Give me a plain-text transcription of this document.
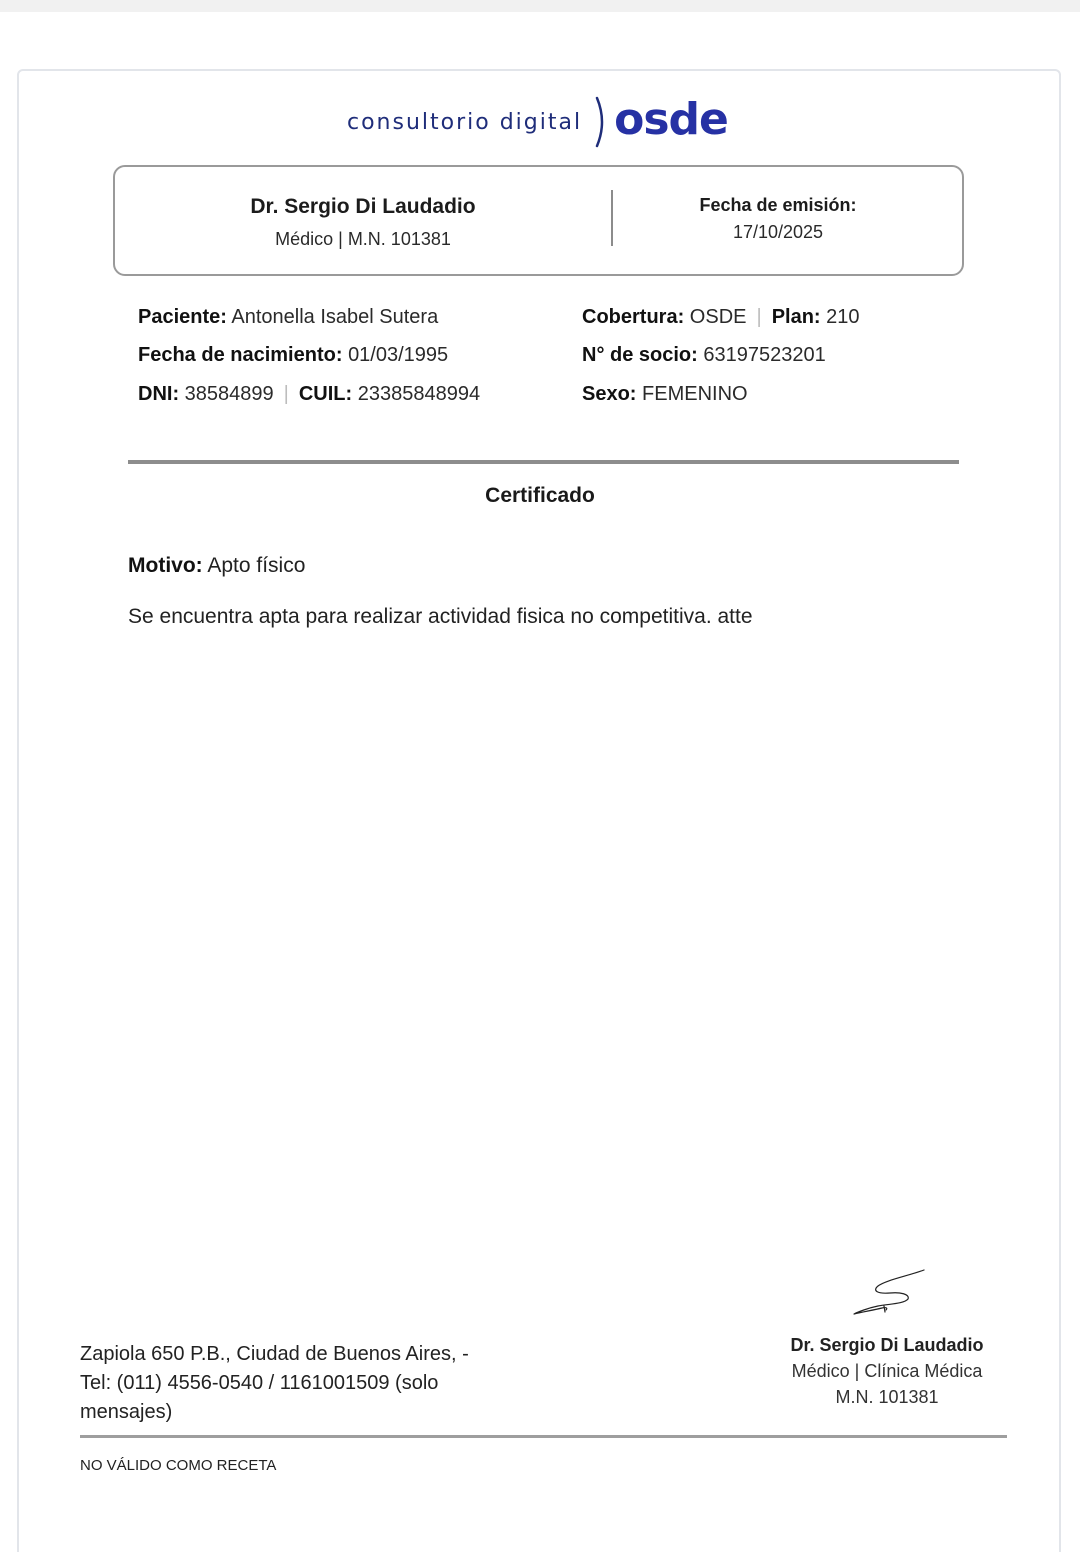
consultorio digital osde
Dr. Sergio Di Laudadio
Médico | M.N. 101381
Fecha de emisión:
17/10/2025
Paciente: Antonella Isabel Sutera
Fecha de nacimiento: 01/03/1995
DNI: 38584899 | CUIL: 23385848994
Cobertura: OSDE | Plan: 210
N° de socio: 63197523201
Sexo: FEMENINO
Certificado
Motivo: Apto físico
Se encuentra apta para realizar actividad fisica no competitiva. atte
Dr. Sergio Di Laudadio
Médico | Clínica Médica
M.N. 101381
Zapiola 650 P.B., Ciudad de Buenos Aires, -
Tel: (011) 4556-0540 / 1161001509 (solo
mensajes)
NO VÁLIDO COMO RECETA
